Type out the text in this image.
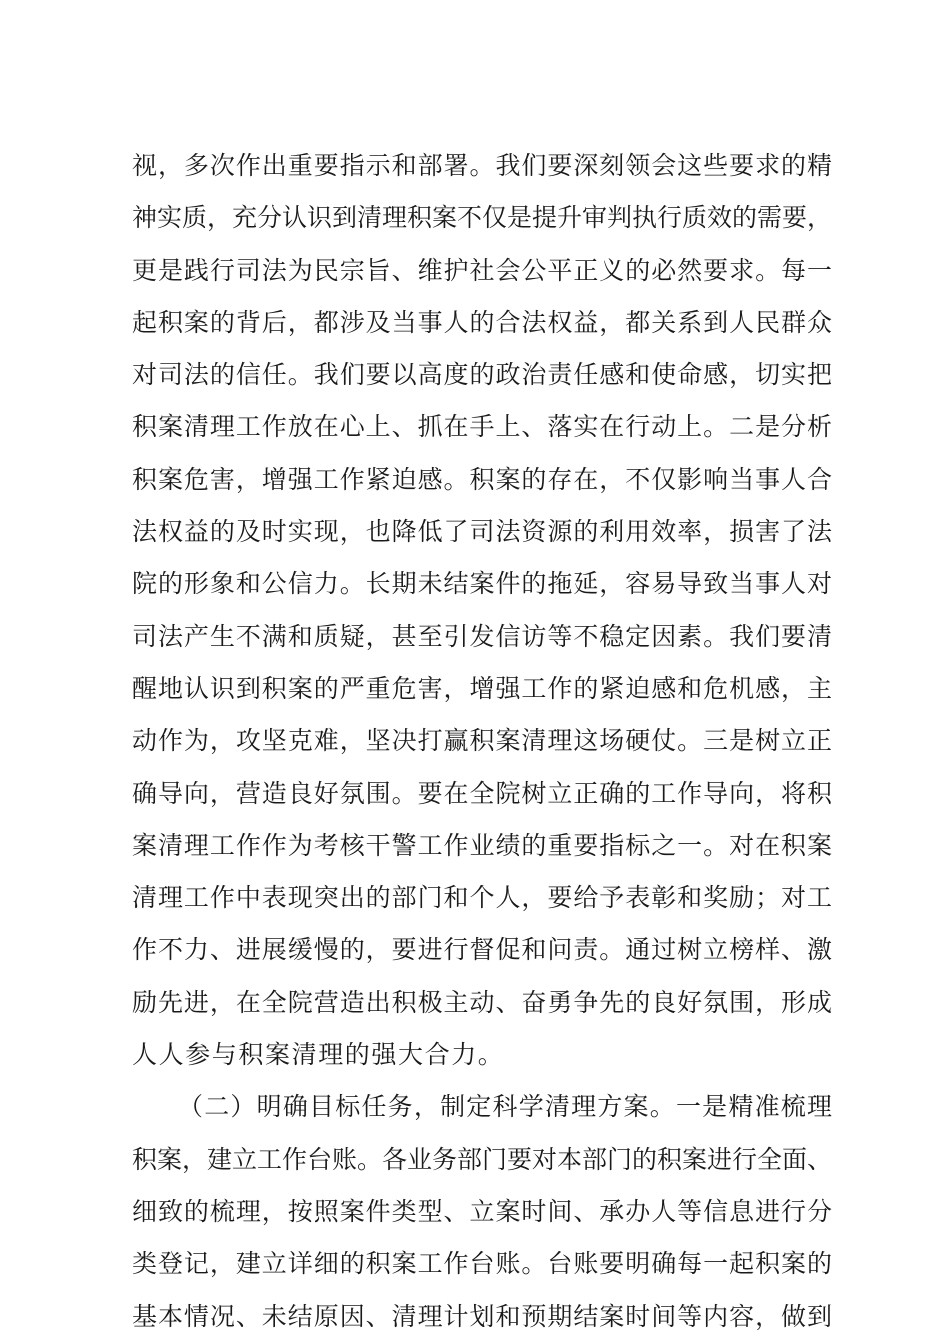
视，多次作出重要指示和部署。我们要深刻领会这些要求的精
神实质，充分认识到清理积案不仅是提升审判执行质效的需要，
更是践行司法为民宗旨、维护社会公平正义的必然要求。每一
起积案的背后，都涉及当事人的合法权益，都关系到人民群众
对司法的信任。我们要以高度的政治责任感和使命感，切实把
积案清理工作放在心上、抓在手上、落实在行动上。二是分析
积案危害，增强工作紧迫感。积案的存在，不仅影响当事人合
法权益的及时实现，也降低了司法资源的利用效率，损害了法
院的形象和公信力。长期未结案件的拖延，容易导致当事人对
司法产生不满和质疑，甚至引发信访等不稳定因素。我们要清
醒地认识到积案的严重危害，增强工作的紧迫感和危机感，主
动作为，攻坚克难，坚决打赢积案清理这场硬仗。三是树立正
确导向，营造良好氛围。要在全院树立正确的工作导向，将积
案清理工作作为考核干警工作业绩的重要指标之一。对在积案
清理工作中表现突出的部门和个人，要给予表彰和奖励；对工
作不力、进展缓慢的，要进行督促和问责。通过树立榜样、激
励先进，在全院营造出积极主动、奋勇争先的良好氛围，形成
人人参与积案清理的强大合力。
（二）明确目标任务，制定科学清理方案。一是精准梳理
积案，建立工作台账。各业务部门要对本部门的积案进行全面、
细致的梳理，按照案件类型、立案时间、承办人等信息进行分
类登记，建立详细的积案工作台账。台账要明确每一起积案的
基本情况、未结原因、清理计划和预期结案时间等内容，做到
